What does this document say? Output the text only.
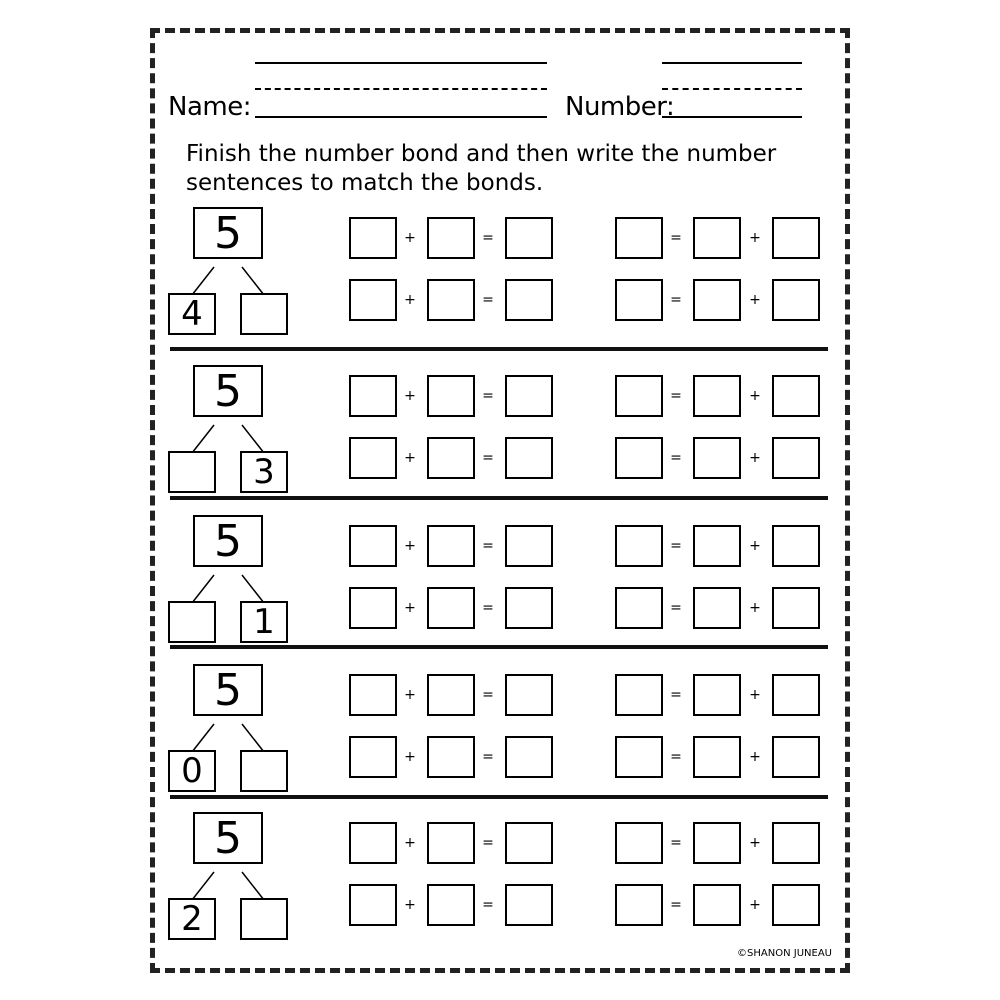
Name:	Number:
Finish the number bond and then write the number sentences to match the bonds.
5
4
+	=	=	+
+	=	=	+
5
3
+	=	=	+
+	=	=	+
5
1
+	=	=	+
+	=	=	+
5
0
+	=	=	+
+	=	=	+
5
2
+	=	=	+
+	=	=	+
©SHANON JUNEAU
